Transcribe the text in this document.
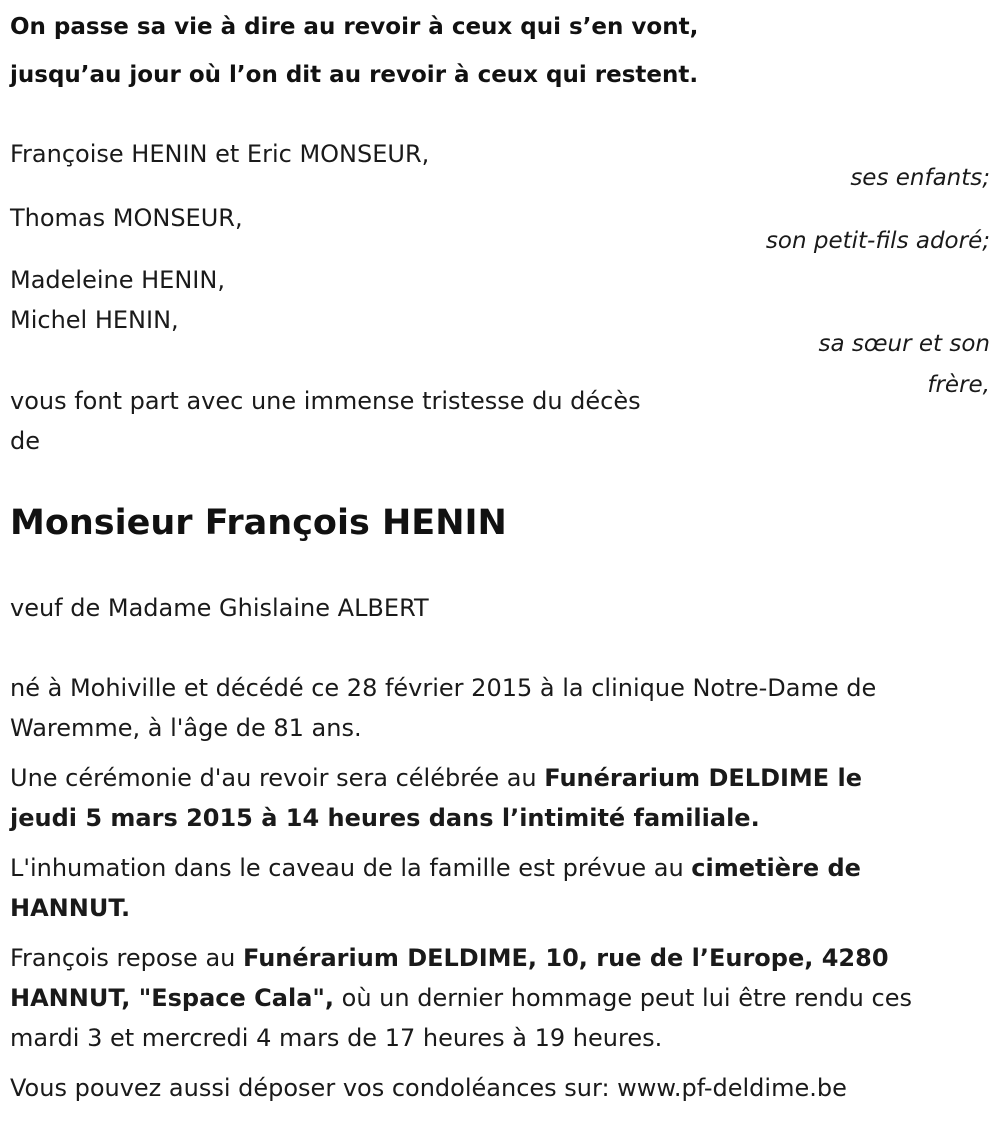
On passe sa vie à dire au revoir à ceux qui s’en vont,
jusqu’au jour où l’on dit au revoir à ceux qui restent.
Françoise HENIN et Eric MONSEUR,
ses enfants;
Thomas MONSEUR,
son petit-fils adoré;
Madeleine HENIN,
Michel HENIN,
sa sœur et son
frère,
vous font part avec une immense tristesse du décès
de
Monsieur François HENIN
veuf de Madame Ghislaine ALBERT
né à Mohiville et décédé ce 28 février 2015 à la clinique Notre-Dame de
Waremme, à l'âge de 81 ans.
Une cérémonie d'au revoir sera célébrée au Funérarium DELDIME le
jeudi 5 mars 2015 à 14 heures dans l’intimité familiale.
L'inhumation dans le caveau de la famille est prévue au cimetière de
HANNUT.
François repose au Funérarium DELDIME, 10, rue de l’Europe, 4280
HANNUT, "Espace Cala", où un dernier hommage peut lui être rendu ces
mardi 3 et mercredi 4 mars de 17 heures à 19 heures.
Vous pouvez aussi déposer vos condoléances sur: www.pf-deldime.be
